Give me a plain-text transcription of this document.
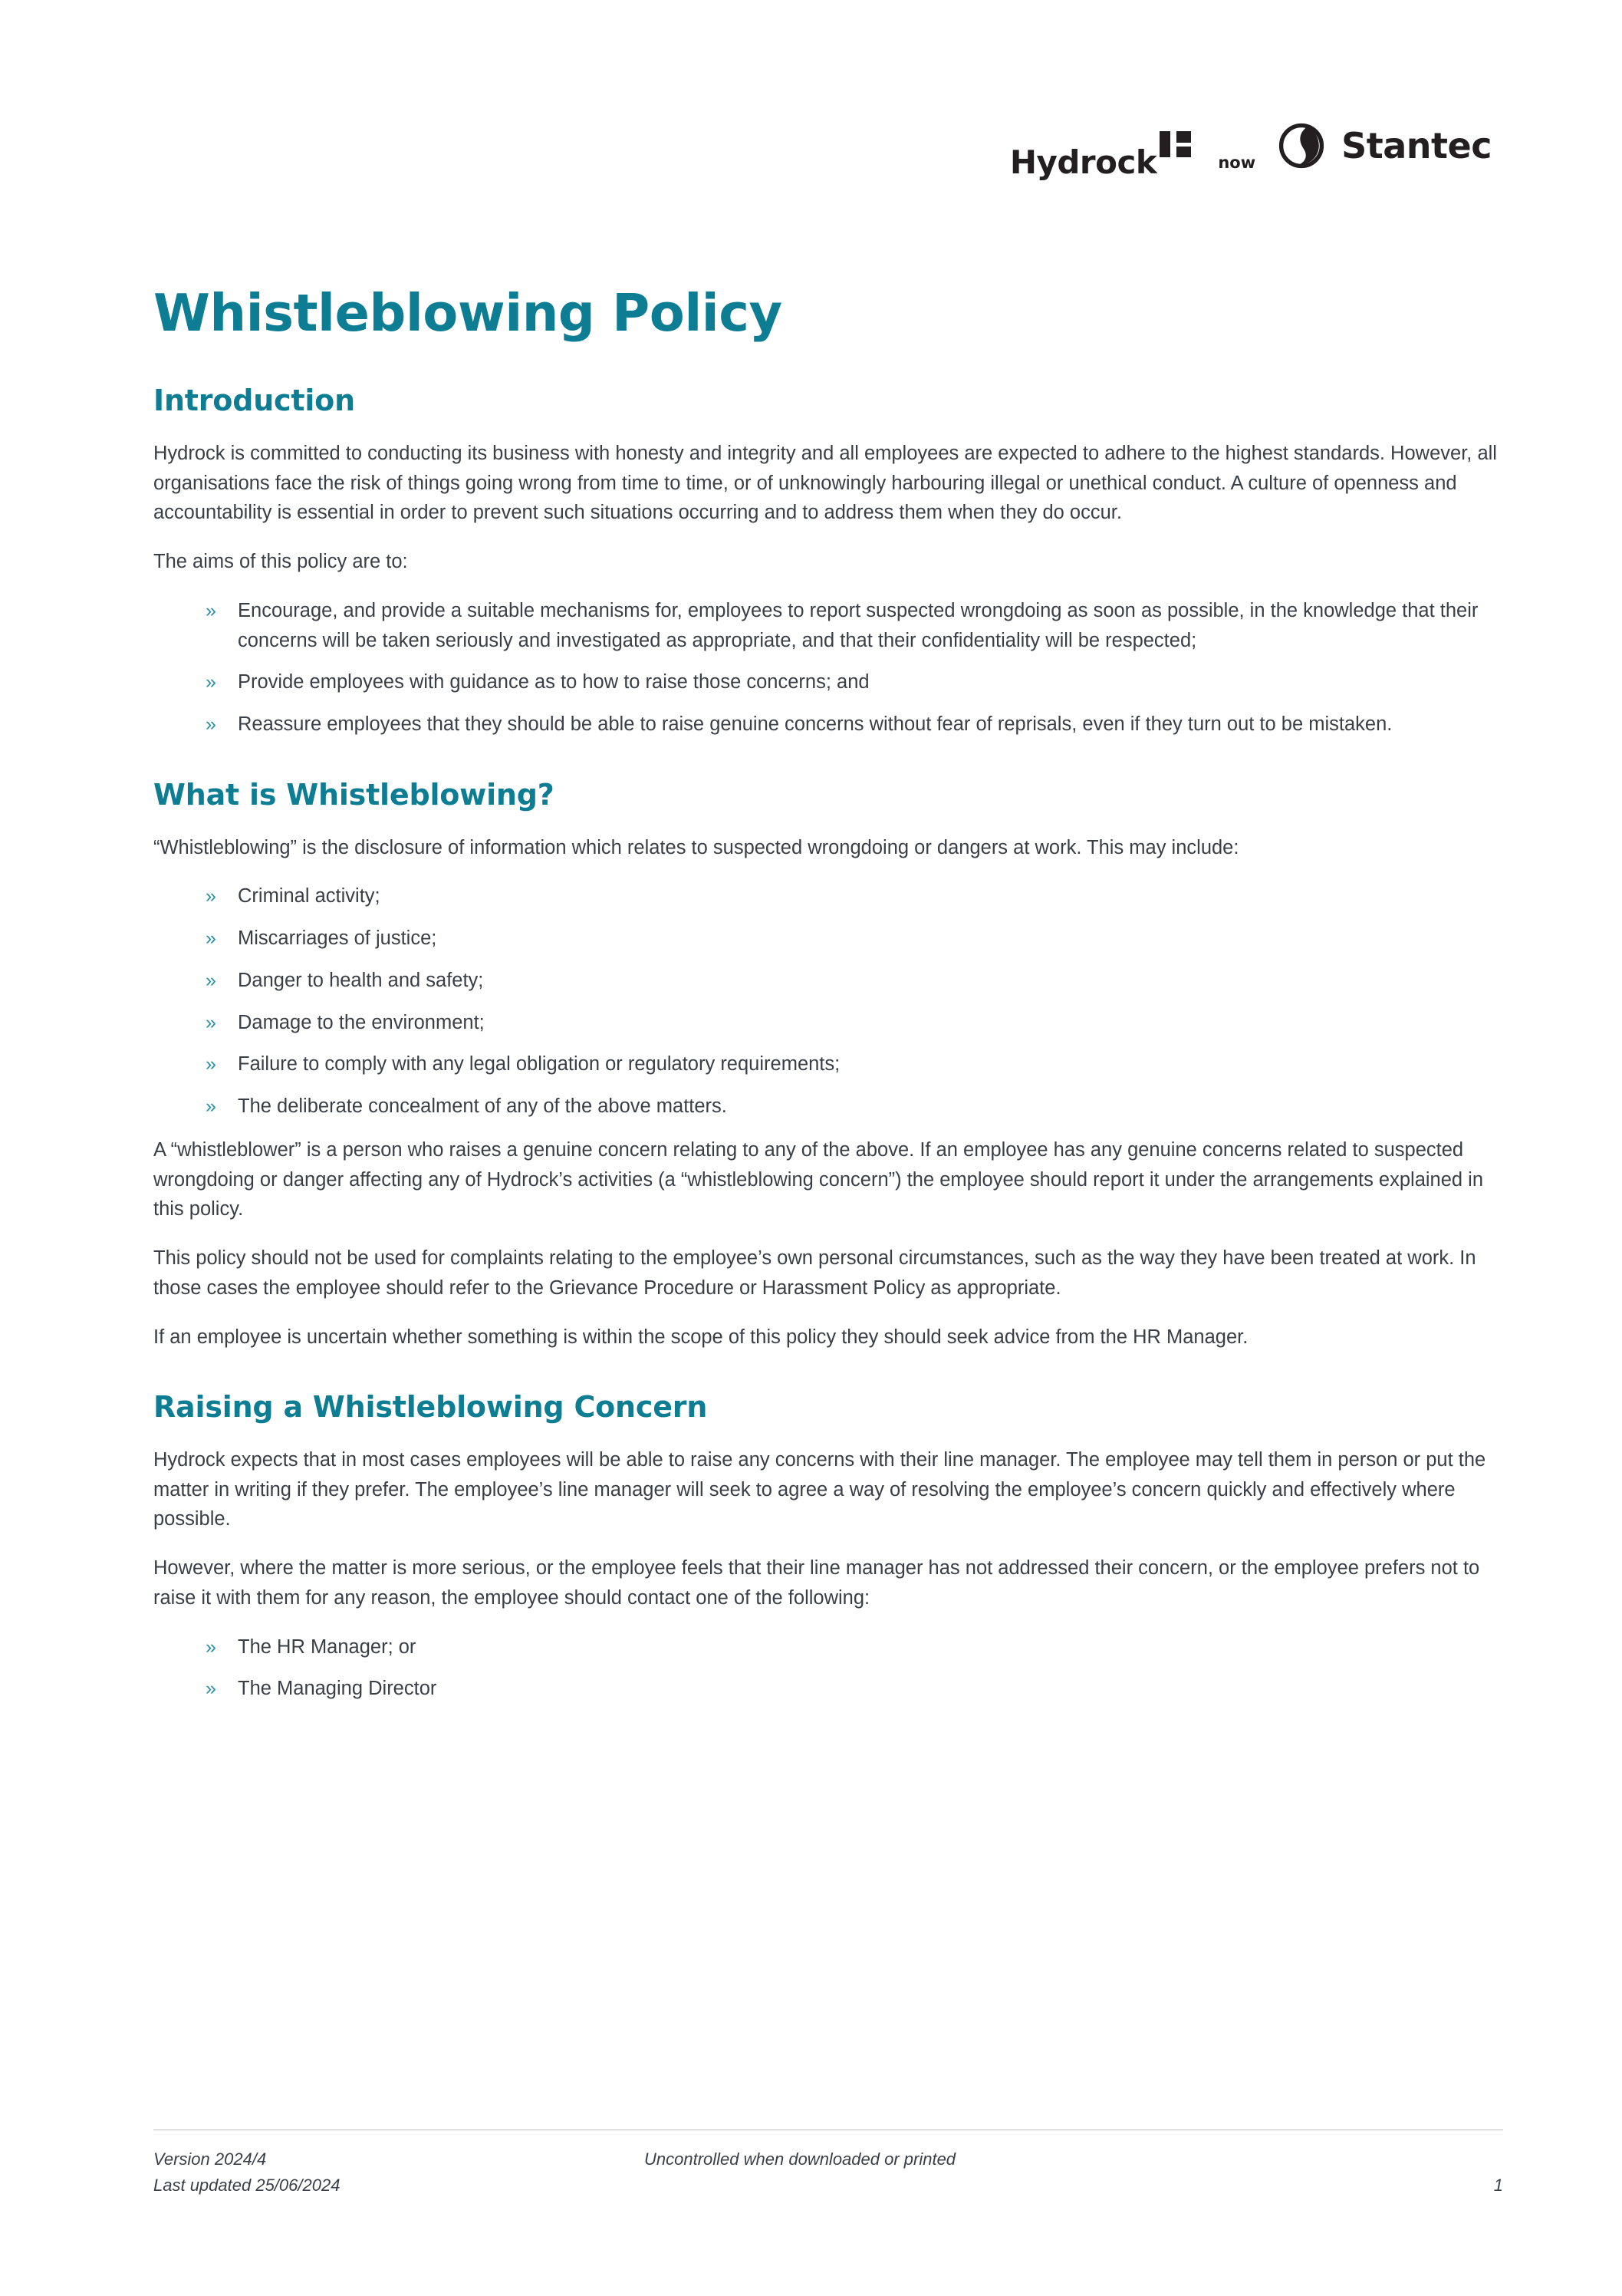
Hydrock	now Stantec
Whistleblowing Policy
Introduction

Hydrock is committed to conducting its business with honesty and integrity and all employees are expected to adhere to the highest standards. However, all organisations face the risk of things going wrong from time to time, or of unknowingly harbouring illegal or unethical conduct. A culture of openness and accountability is essential in order to prevent such situations occurring and to address them when they do occur.

The aims of this policy are to:

» Encourage, and provide a suitable mechanisms for, employees to report suspected wrongdoing as soon as possible, in the knowledge that their concerns will be taken seriously and investigated as appropriate, and that their confidentiality will be respected;
» Provide employees with guidance as to how to raise those concerns; and
» Reassure employees that they should be able to raise genuine concerns without fear of reprisals, even if they turn out to be mistaken.
What is Whistleblowing?

“Whistleblowing” is the disclosure of information which relates to suspected wrongdoing or dangers at work. This may include:

» Criminal activity;
» Miscarriages of justice;
» Danger to health and safety;
» Damage to the environment;
» Failure to comply with any legal obligation or regulatory requirements;
» The deliberate concealment of any of the above matters.

A “whistleblower” is a person who raises a genuine concern relating to any of the above. If an employee has any genuine concerns related to suspected wrongdoing or danger affecting any of Hydrock’s activities (a “whistleblowing concern”) the employee should report it under the arrangements explained in this policy.

This policy should not be used for complaints relating to the employee’s own personal circumstances, such as the way they have been treated at work. In those cases the employee should refer to the Grievance Procedure or Harassment Policy as appropriate.

If an employee is uncertain whether something is within the scope of this policy they should seek advice from the HR Manager.

Raising a Whistleblowing Concern

Hydrock expects that in most cases employees will be able to raise any concerns with their line manager. The employee may tell them in person or put the matter in writing if they prefer. The employee’s line manager will seek to agree a way of resolving the employee’s concern quickly and effectively where possible.

However, where the matter is more serious, or the employee feels that their line manager has not addressed their concern, or the employee prefers not to raise it with them for any reason, the employee should contact one of the following:

» The HR Manager; or
» The Managing Director
Version 2024/4	Uncontrolled when downloaded or printed
Last updated 25/06/2024	1
